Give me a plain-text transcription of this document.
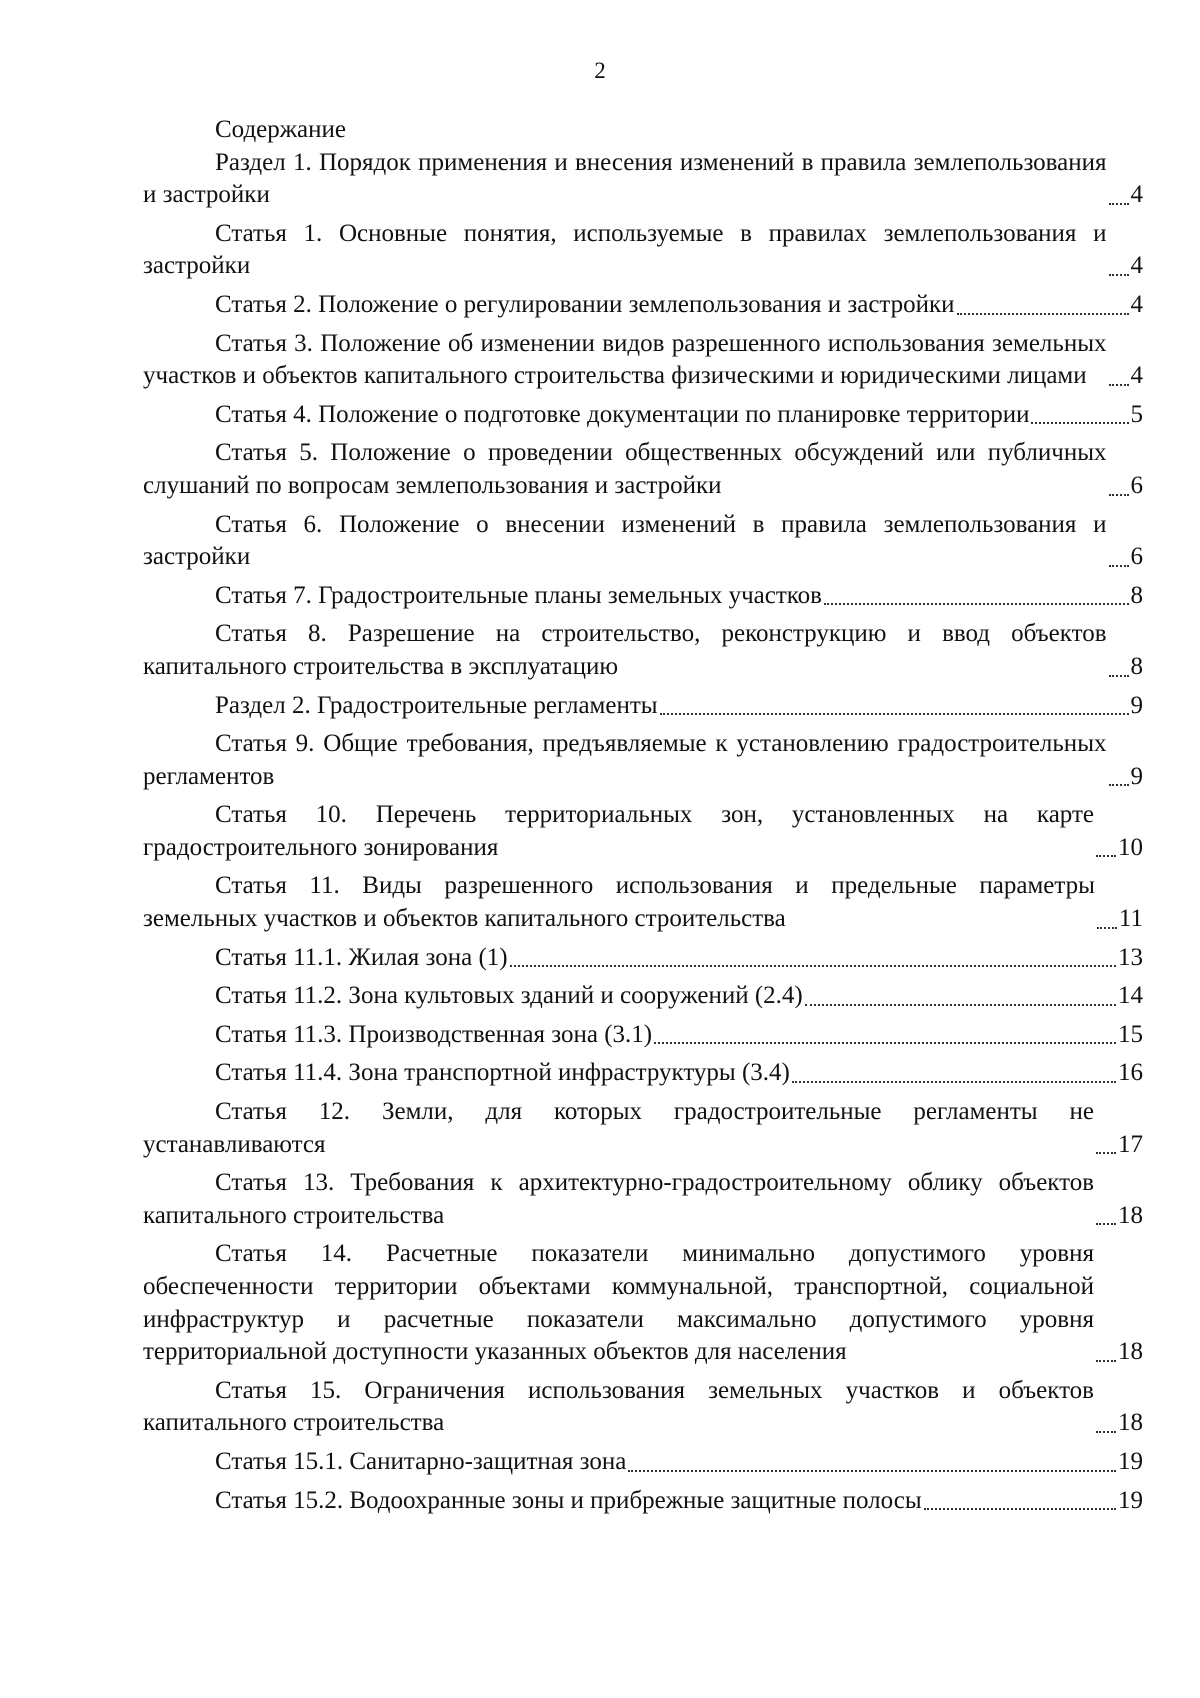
2
Содержание
Раздел 1. Порядок применения и внесения изменений в правила землепользования и застройки	4
Статья 1. Основные понятия, используемые в правилах землепользования и застройки	4
Статья 2. Положение о регулировании землепользования и застройки	4
Статья 3. Положение об изменении видов разрешенного использования земельных участков и объектов капитального строительства физическими и юридическими лицами	4
Статья 4. Положение о подготовке документации по планировке территории	5
Статья 5. Положение о проведении общественных обсуждений или публичных слушаний по вопросам землепользования и застройки	6
Статья 6. Положение о внесении изменений в правила землепользования и застройки	6
Статья 7. Градостроительные планы земельных участков	8
Статья 8. Разрешение на строительство, реконструкцию и ввод объектов капитального строительства в эксплуатацию	8
Раздел 2. Градостроительные регламенты	9
Статья 9. Общие требования, предъявляемые к установлению градостроительных регламентов	9
Статья 10. Перечень территориальных зон, установленных на карте градостроительного зонирования	10
Статья 11. Виды разрешенного использования и предельные параметры земельных участков и объектов капитального строительства	11
Статья 11.1. Жилая зона (1)	13
Статья 11.2. Зона культовых зданий и сооружений (2.4)	14
Статья 11.3. Производственная зона (3.1)	15
Статья 11.4. Зона транспортной инфраструктуры (3.4)	16
Статья 12. Земли, для которых градостроительные регламенты не устанавливаются	17
Статья 13. Требования к архитектурно-градостроительному облику объектов капитального строительства	18
Статья 14. Расчетные показатели минимально допустимого уровня обеспеченности территории объектами коммунальной, транспортной, социальной инфраструктур и расчетные показатели максимально допустимого уровня территориальной доступности указанных объектов для населения	18
Статья 15. Ограничения использования земельных участков и объектов капитального строительства	18
Статья 15.1. Санитарно-защитная зона	19
Статья 15.2. Водоохранные зоны и прибрежные защитные полосы	19
